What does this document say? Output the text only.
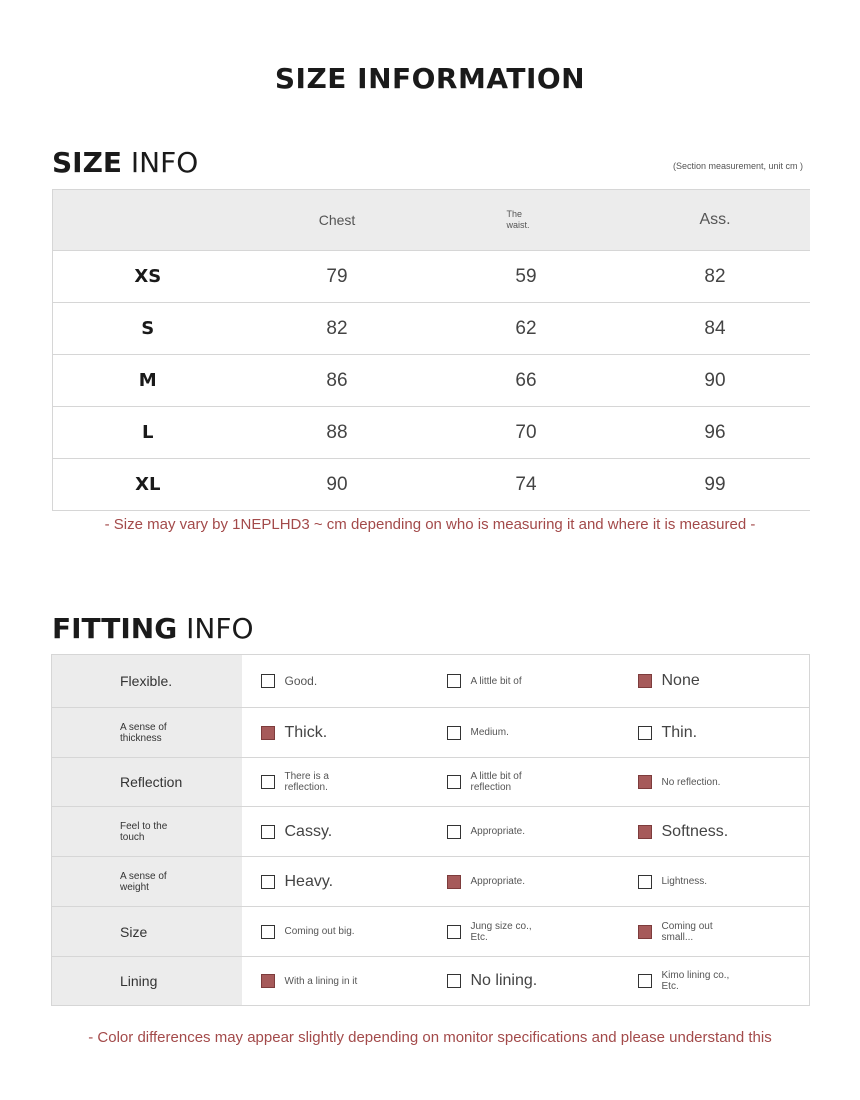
SIZE INFORMATION
SIZE INFO	(Section measurement, unit cm )
	Chest	The waist.	Ass.
XS	79	59	82
S	82	62	84
M	86	66	90
L	88	70	96
XL	90	74	99
- Size may vary by 1NEPLHD3 ~ cm depending on who is measuring it and where it is measured -
FITTING INFO
Flexible.	Good.	A little bit of	None

A sense of thickness	Thick.	Medium.	Thin.

Reflection	There is a reflection.	A little bit of reflection	No reflection.

Feel to the touch	Cassy.	Appropriate.	Softness.

A sense of weight	Heavy.	Appropriate.	Lightness.

Size	Coming out big.	Jung size co., Etc.	Coming out small...

Lining	With a lining in it	No lining.	Kimo lining co., Etc.
- Color differences may appear slightly depending on monitor specifications and please understand this
